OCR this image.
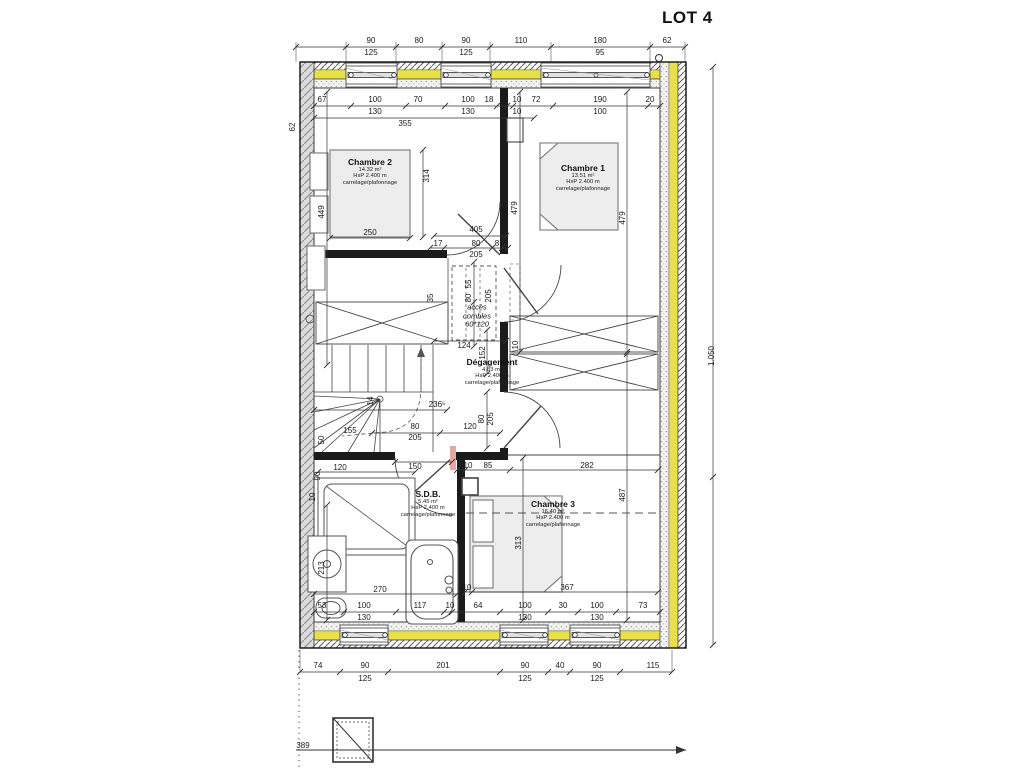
LOT 4
90	80	90	110	180	62
125	125	95
67	100	70	100 18 10 72	190	20
130	130	10	100
355
314
449
250
479
479
405
17	80 8
205
55
80 205
35
124	10
152
236⁵
80	120
205
80 205
155
50
14
120
90
10
150
213
270
10 85	282
487
313
367
10
53	100	117 10 64	100	30	100	73
130	130	130
74	90	201	90	40	90	115
125	125	125
1.050
62
389
Chambre 2
14.32 m²
HsP 2.400 m
carrelage/plafonnage
Chambre 1
13.51 m²
HsP 2.400 m
carrelage/plafonnage
Dégagement
4.83 m²
HsP 2.400 m
carrelage/plafonnage
S.D.B.
5.45 m²
HsP 2.400 m
carrelage/plafonnage
Chambre 3
16.40 m²
HsP 2.400 m
carrelage/plafonnage
accès
combles
60*120
